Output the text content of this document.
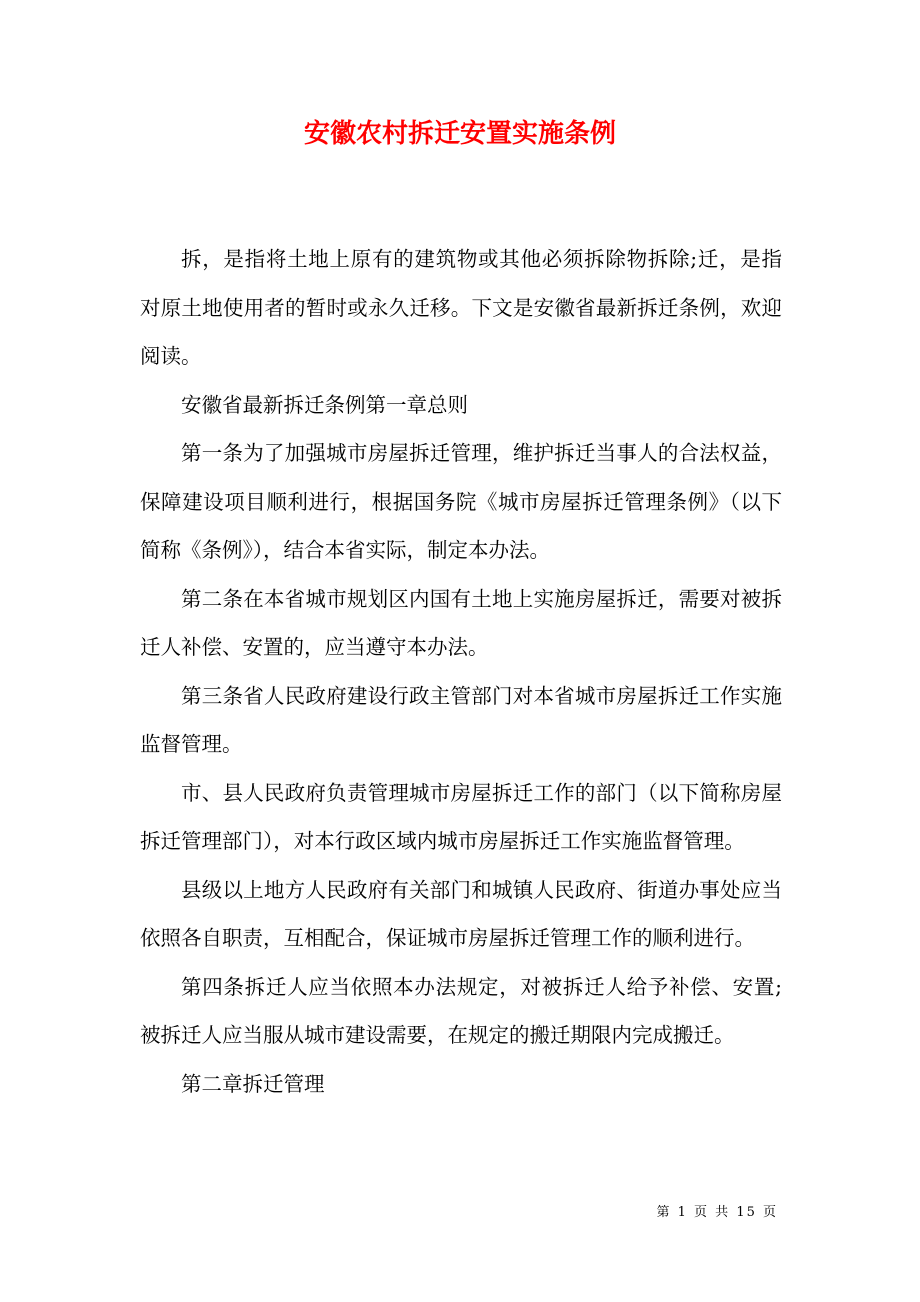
安徽农村拆迁安置实施条例

拆，是指将土地上原有的建筑物或其他必须拆除物拆除;迁，是指对原土地使用者的暂时或永久迁移。下文是安徽省最新拆迁条例，欢迎阅读。

安徽省最新拆迁条例第一章总则

第一条为了加强城市房屋拆迁管理，维护拆迁当事人的合法权益，保障建设项目顺利进行，根据国务院《城市房屋拆迁管理条例》（以下简称《条例》），结合本省实际，制定本办法。

第二条在本省城市规划区内国有土地上实施房屋拆迁，需要对被拆迁人补偿、安置的，应当遵守本办法。

第三条省人民政府建设行政主管部门对本省城市房屋拆迁工作实施监督管理。

市、县人民政府负责管理城市房屋拆迁工作的部门（以下简称房屋拆迁管理部门），对本行政区域内城市房屋拆迁工作实施监督管理。

县级以上地方人民政府有关部门和城镇人民政府、街道办事处应当依照各自职责，互相配合，保证城市房屋拆迁管理工作的顺利进行。

第四条拆迁人应当依照本办法规定，对被拆迁人给予补偿、安置;被拆迁人应当服从城市建设需要，在规定的搬迁期限内完成搬迁。

第二章拆迁管理

第 1 页 共 15 页
